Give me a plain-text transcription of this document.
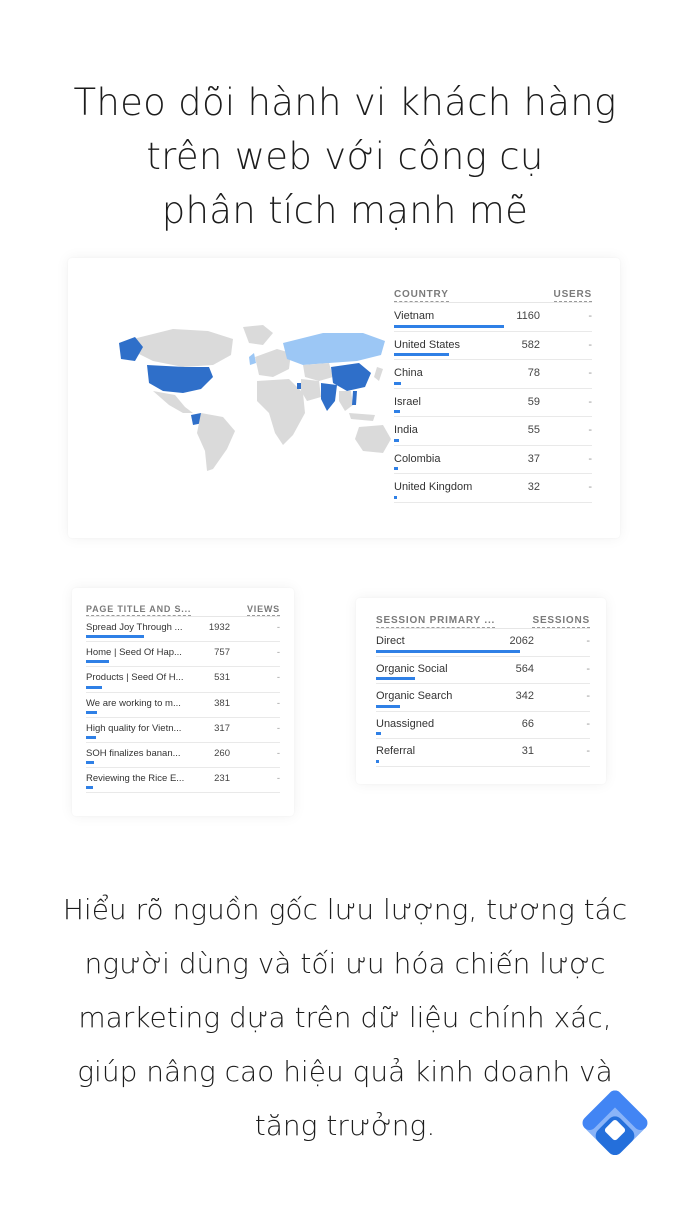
Theo dõi hành vi khách hàng
trên web với công cụ
phân tích mạnh mẽ
COUNTRY	USERS
Vietnam	1160	-
United States	582	-
China	78	-
Israel	59	-
India	55	-
Colombia	37	-
United Kingdom	32	-
PAGE TITLE AND S...	VIEWS
Spread Joy Through ...	1932	-
Home | Seed Of Hap...	757	-
Products | Seed Of H...	531	-
We are working to m...	381	-
High quality for Vietn...	317	-
SOH finalizes banan...	260	-
Reviewing the Rice E...	231	-
SESSION PRIMARY ...	SESSIONS
Direct	2062	-
Organic Social	564	-
Organic Search	342	-
Unassigned	66	-
Referral	31	-
Hiểu rõ nguồn gốc lưu lượng, tương tác
người dùng và tối ưu hóa chiến lược
marketing dựa trên dữ liệu chính xác,
giúp nâng cao hiệu quả kinh doanh và
tăng trưởng.
